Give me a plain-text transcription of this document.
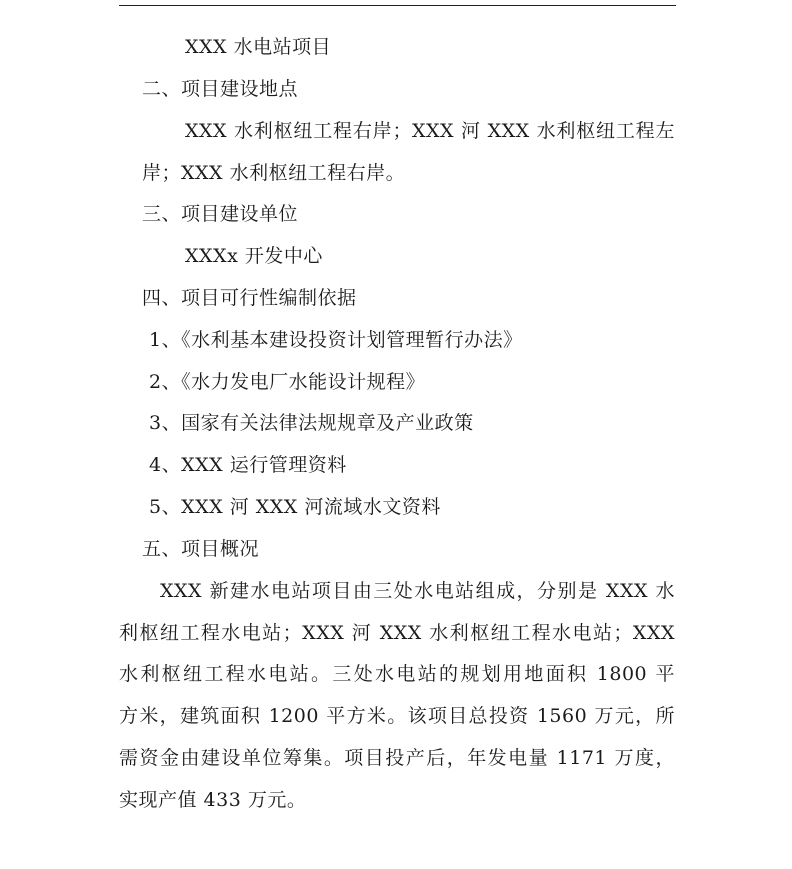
XXX 水电站项目
二、项目建设地点
XXX 水利枢纽工程右岸；XXX 河 XXX 水利枢纽工程左
岸；XXX 水利枢纽工程右岸。
三、项目建设单位
XXXx 开发中心
四、项目可行性编制依据
1、《水利基本建设投资计划管理暂行办法》
2、《水力发电厂水能设计规程》
3、国家有关法律法规规章及产业政策
4、XXX 运行管理资料
5、XXX 河 XXX 河流域水文资料
五、项目概况
XXX 新建水电站项目由三处水电站组成，分别是 XXX 水
利枢纽工程水电站；XXX 河 XXX 水利枢纽工程水电站；XXX
水利枢纽工程水电站。三处水电站的规划用地面积 1800 平
方米，建筑面积 1200 平方米。该项目总投资 1560 万元，所
需资金由建设单位筹集。项目投产后，年发电量 1171 万度，
实现产值 433 万元。
